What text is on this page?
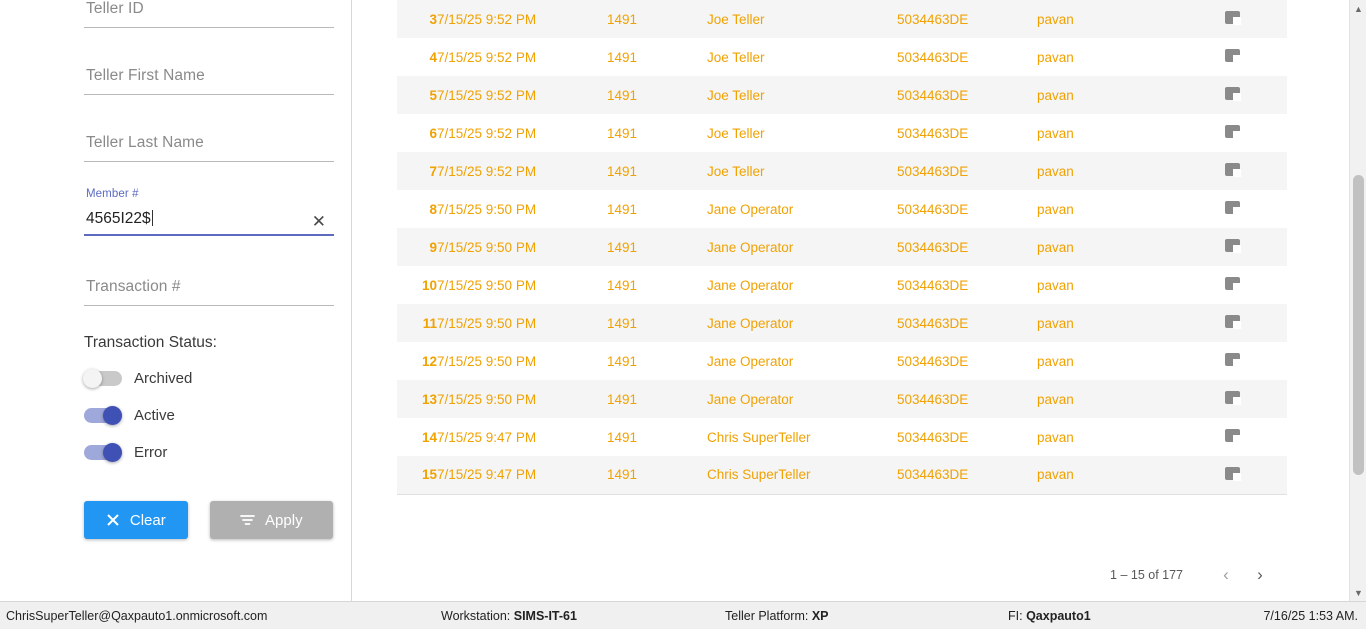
Teller ID
Teller First Name
Teller Last Name
Member #
4565I22$	✕
Transaction #
Transaction Status:
Archived
Active
Error
Clear	Apply
3	7/15/25 9:52 PM	1491	Joe Teller	5034463DE	pavan	
4	7/15/25 9:52 PM	1491	Joe Teller	5034463DE	pavan	
5	7/15/25 9:52 PM	1491	Joe Teller	5034463DE	pavan	
6	7/15/25 9:52 PM	1491	Joe Teller	5034463DE	pavan	
7	7/15/25 9:52 PM	1491	Joe Teller	5034463DE	pavan	
8	7/15/25 9:50 PM	1491	Jane Operator	5034463DE	pavan	
9	7/15/25 9:50 PM	1491	Jane Operator	5034463DE	pavan	
10	7/15/25 9:50 PM	1491	Jane Operator	5034463DE	pavan	
11	7/15/25 9:50 PM	1491	Jane Operator	5034463DE	pavan	
12	7/15/25 9:50 PM	1491	Jane Operator	5034463DE	pavan	
13	7/15/25 9:50 PM	1491	Jane Operator	5034463DE	pavan	
14	7/15/25 9:47 PM	1491	Chris SuperTeller	5034463DE	pavan	
15	7/15/25 9:47 PM	1491	Chris SuperTeller	5034463DE	pavan	
1 – 15 of 177	‹	›
▲
▼
ChrisSuperTeller@Qaxpauto1.onmicrosoft.com	Workstation: SIMS-IT-61	Teller Platform: XP	FI: Qaxpauto1	7/16/25 1:53 AM.
